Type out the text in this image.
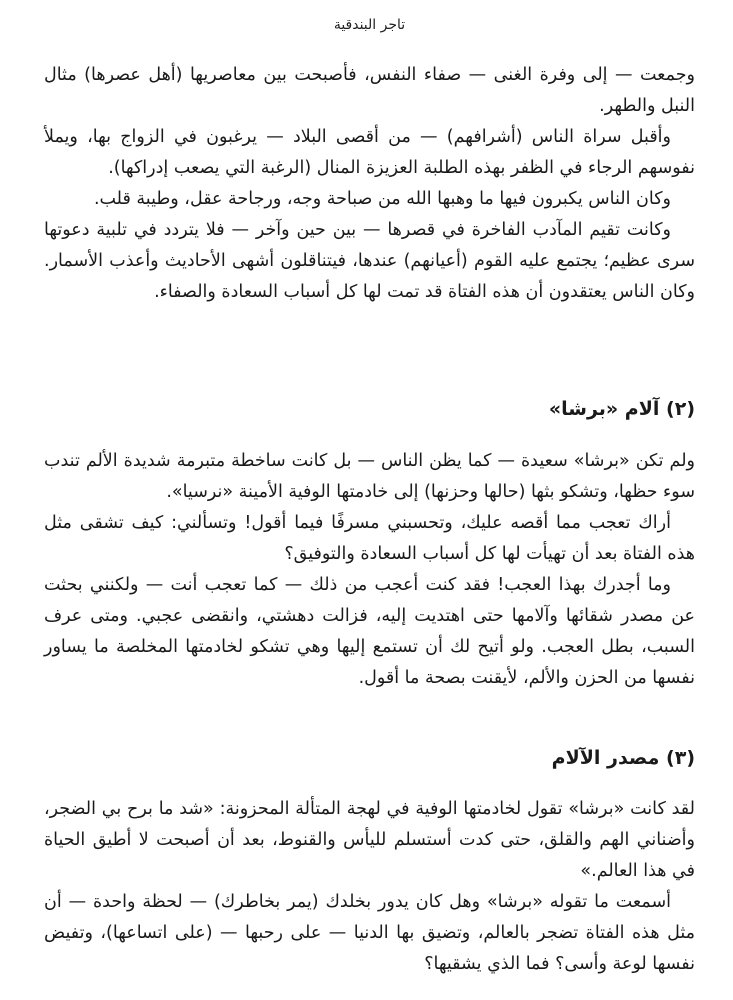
تاجر البندقية

وجمعت — إلى وفرة الغنى — صفاء النفس، فأصبحت بين معاصريها (أهل عصرها) مثال النبل والطهر.

وأقبل سراة الناس (أشرافهم) — من أقصى البلاد — يرغبون في الزواج بها، ويملأ نفوسهم الرجاء في الظفر بهذه الطلبة العزيزة المنال (الرغبة التي يصعب إدراكها).

وكان الناس يكبرون فيها ما وهبها الله من صباحة وجه، ورجاحة عقل، وطيبة قلب.

وكانت تقيم المآدب الفاخرة في قصرها — بين حين وآخر — فلا يتردد في تلبية دعوتها سرى عظيم؛ يجتمع عليه القوم (أعيانهم) عندها، فيتناقلون أشهى الأحاديث وأعذب الأسمار. وكان الناس يعتقدون أن هذه الفتاة قد تمت لها كل أسباب السعادة والصفاء.

(٢) آلام «برشا»

ولم تكن «برشا» سعيدة — كما يظن الناس — بل كانت ساخطة متبرمة شديدة الألم تندب سوء حظها، وتشكو بثها (حالها وحزنها) إلى خادمتها الوفية الأمينة «نرسيا».

أراك تعجب مما أقصه عليك، وتحسبني مسرفًا فيما أقول! وتسألني: كيف تشقى مثل هذه الفتاة بعد أن تهيأت لها كل أسباب السعادة والتوفيق؟

وما أجدرك بهذا العجب! فقد كنت أعجب من ذلك — كما تعجب أنت — ولكنني بحثت عن مصدر شقائها وآلامها حتى اهتديت إليه، فزالت دهشتي، وانقضى عجبي. ومتى عرف السبب، بطل العجب. ولو أتيح لك أن تستمع إليها وهي تشكو لخادمتها المخلصة ما يساور نفسها من الحزن والألم، لأيقنت بصحة ما أقول.

(٣) مصدر الآلام

لقد كانت «برشا» تقول لخادمتها الوفية في لهجة المتألة المحزونة: «شد ما برح بي الضجر، وأضناني الهم والقلق، حتى كدت أستسلم لليأس والقنوط، بعد أن أصبحت لا أطيق الحياة في هذا العالم.»

أسمعت ما تقوله «برشا» وهل كان يدور بخلدك (يمر بخاطرك) — لحظة واحدة — أن مثل هذه الفتاة تضجر بالعالم، وتضيق بها الدنيا — على رحبها — (على اتساعها)، وتفيض نفسها لوعة وأسى؟ فما الذي يشقيها؟
